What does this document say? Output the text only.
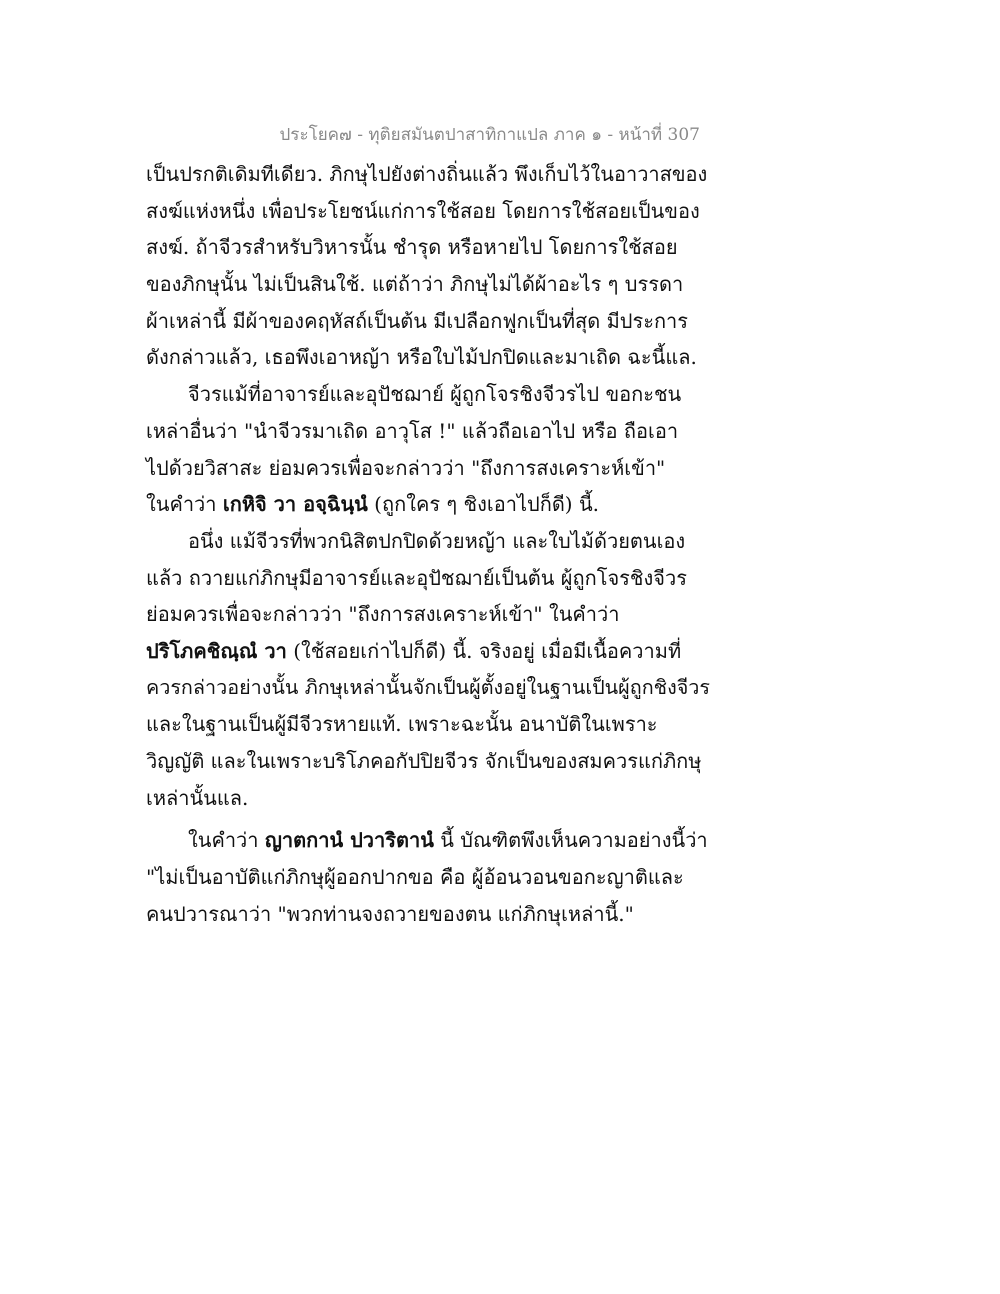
ประโยค๗ - ทุติยสมันตปาสาทิกาแปล ภาค ๑ - หน้าที่ 307
เป็นปรกติเดิมทีเดียว. ภิกษุไปยังต่างถิ่นแล้ว พึงเก็บไว้ในอาวาสของ
สงฆ์แห่งหนึ่ง เพื่อประโยชน์แก่การใช้สอย โดยการใช้สอยเป็นของ
สงฆ์. ถ้าจีวรสำหรับวิหารนั้น ชำรุด หรือหายไป โดยการใช้สอย
ของภิกษุนั้น ไม่เป็นสินใช้. แต่ถ้าว่า ภิกษุไม่ได้ผ้าอะไร ๆ บรรดา
ผ้าเหล่านี้ มีผ้าของคฤหัสถ์เป็นต้น มีเปลือกฟูกเป็นที่สุด มีประการ
ดังกล่าวแล้ว, เธอพึงเอาหญ้า หรือใบไม้ปกปิดและมาเถิด ฉะนี้แล.
จีวรแม้ที่อาจารย์และอุปัชฌาย์ ผู้ถูกโจรชิงจีวรไป ขอกะชน
เหล่าอื่นว่า "นำจีวรมาเถิด อาวุโส !" แล้วถือเอาไป หรือ ถือเอา
ไปด้วยวิสาสะ ย่อมควรเพื่อจะกล่าวว่า "ถึงการสงเคราะห์เข้า"
ในคำว่า เกหิจิ วา อจฺฉินฺนํ (ถูกใคร ๆ ชิงเอาไปก็ดี) นี้.
อนึ่ง แม้จีวรที่พวกนิสิตปกปิดด้วยหญ้า และใบไม้ด้วยตนเอง
แล้ว ถวายแก่ภิกษุมีอาจารย์และอุปัชฌาย์เป็นต้น ผู้ถูกโจรชิงจีวร
ย่อมควรเพื่อจะกล่าวว่า "ถึงการสงเคราะห์เข้า" ในคำว่า
ปริโภคชิณฺณํ วา (ใช้สอยเก่าไปก็ดี) นี้. จริงอยู่ เมื่อมีเนื้อความที่
ควรกล่าวอย่างนั้น ภิกษุเหล่านั้นจักเป็นผู้ตั้งอยู่ในฐานเป็นผู้ถูกชิงจีวร
และในฐานเป็นผู้มีจีวรหายแท้. เพราะฉะนั้น อนาบัติในเพราะ
วิญญัติ และในเพราะบริโภคอกัปปิยจีวร จักเป็นของสมควรแก่ภิกษุ
เหล่านั้นแล.
ในคำว่า ญาตกานํ ปวาริตานํ นี้ บัณฑิตพึงเห็นความอย่างนี้ว่า
"ไม่เป็นอาบัติแก่ภิกษุผู้ออกปากขอ คือ ผู้อ้อนวอนขอกะญาติและ
คนปวารณาว่า "พวกท่านจงถวายของตน แก่ภิกษุเหล่านี้."
